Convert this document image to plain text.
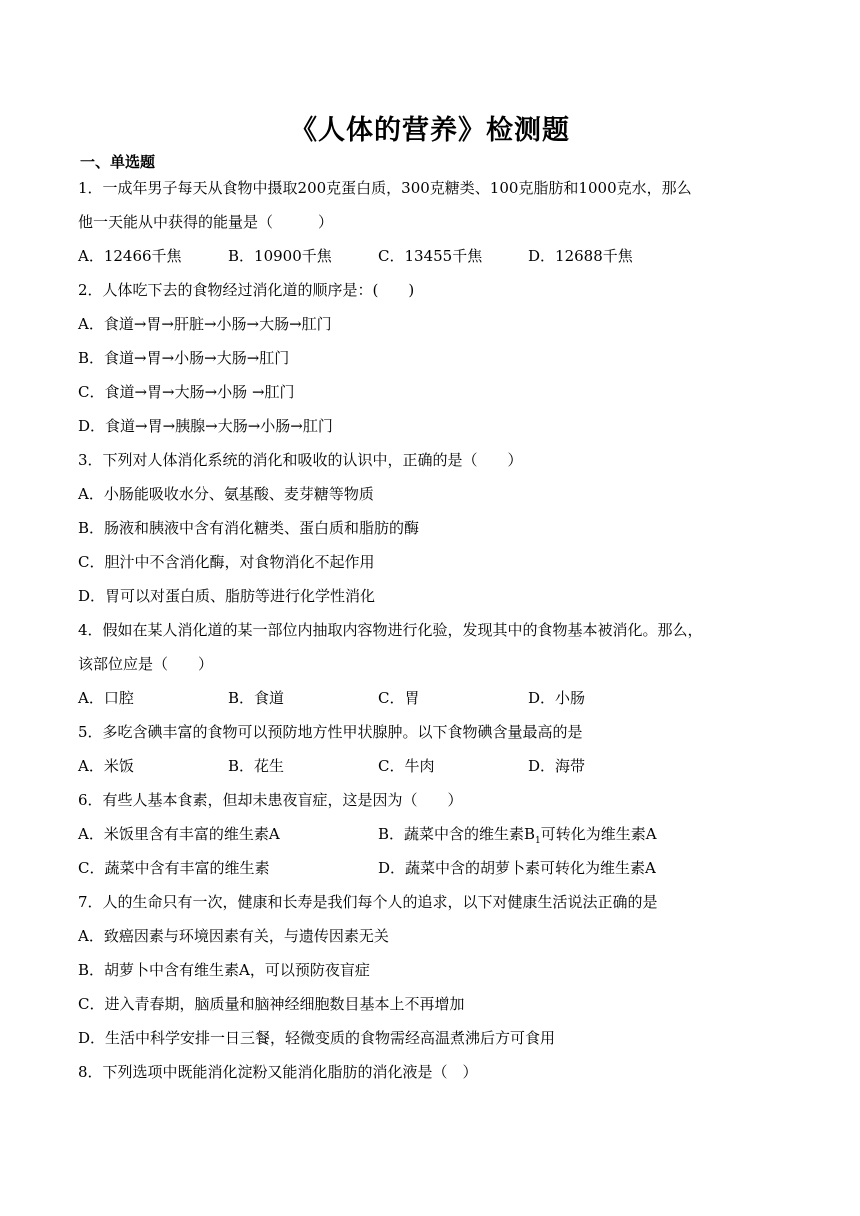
《人体的营养》检测题
一、单选题
1．一成年男子每天从食物中摄取200克蛋白质，300克糖类、100克脂肪和1000克水，那么
他一天能从中获得的能量是（　　　）
A．12466千焦	B．10900千焦	C．13455千焦	D．12688千焦
2．人体吃下去的食物经过消化道的顺序是：(　　)
A．食道→胃→肝脏→小肠→大肠→肛门
B．食道→胃→小肠→大肠→肛门
C．食道→胃→大肠→小肠 →肛门
D．食道→胃→胰腺→大肠→小肠→肛门
3．下列对人体消化系统的消化和吸收的认识中，正确的是（　　）
A．小肠能吸收水分、氨基酸、麦芽糖等物质
B．肠液和胰液中含有消化糖类、蛋白质和脂肪的酶
C．胆汁中不含消化酶，对食物消化不起作用
D．胃可以对蛋白质、脂肪等进行化学性消化
4．假如在某人消化道的某一部位内抽取内容物进行化验，发现其中的食物基本被消化。那么，
该部位应是（　　）
A．口腔	B．食道	C．胃	D．小肠
5．多吃含碘丰富的食物可以预防地方性甲状腺肿。以下食物碘含量最高的是
A．米饭	B．花生	C．牛肉	D．海带
6．有些人基本食素，但却未患夜盲症，这是因为（　　）
A．米饭里含有丰富的维生素A	B．蔬菜中含的维生素$B_1$可转化为维生素A
C．蔬菜中含有丰富的维生素	D．蔬菜中含的胡萝卜素可转化为维生素A
7．人的生命只有一次，健康和长寿是我们每个人的追求，以下对健康生活说法正确的是
A．致癌因素与环境因素有关，与遗传因素无关
B．胡萝卜中含有维生素A，可以预防夜盲症
C．进入青春期，脑质量和脑神经细胞数目基本上不再增加
D．生活中科学安排一日三餐，轻微变质的食物需经高温煮沸后方可食用
8．下列选项中既能消化淀粉又能消化脂肪的消化液是（　）
